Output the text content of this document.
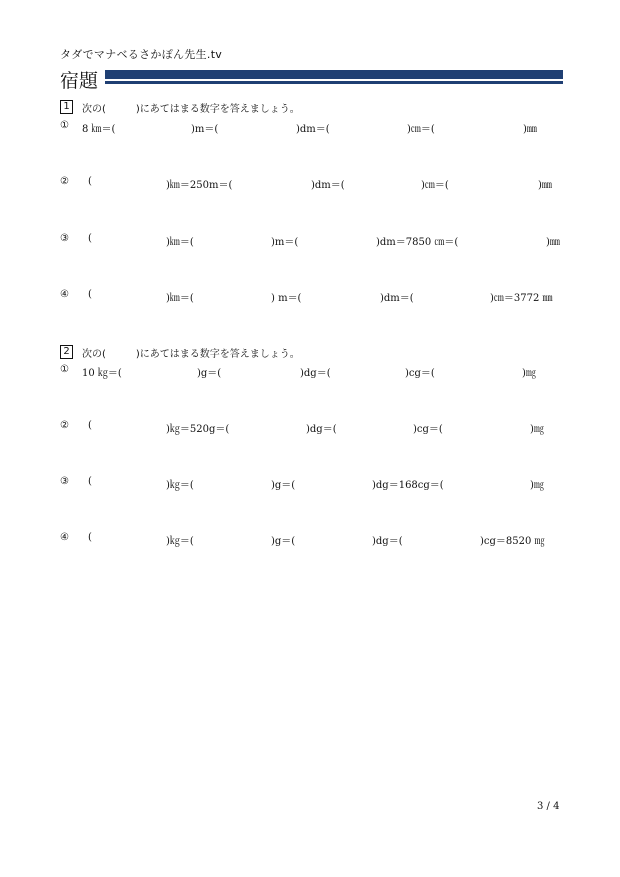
タダでマナベるさかぽん先生.tv
宿題
1	次の(　　　)にあてはまる数字を答えましょう。
① 8 ㎞＝(	)m＝(	)dm＝(	)㎝＝(	)㎜
② (	)㎞＝250m＝(	)dm＝(	)㎝＝(	)㎜
③ (	)㎞＝(	)m＝(	)dm＝7850 ㎝＝(	)㎜
④ (	)㎞＝(	) m＝(	)dm＝(	)㎝＝3772 ㎜
2	次の(　　　)にあてはまる数字を答えましょう。
① 10 ㎏＝(	)g＝(	)dg＝(	)cg＝(	)㎎
② (	)㎏＝520g＝(	)dg＝(	)cg＝(	)㎎
③ (	)㎏＝(	)g＝(	)dg＝168cg＝(	)㎎
④ (	)㎏＝(	)g＝(	)dg＝(	)cg＝8520 ㎎
3 / 4
